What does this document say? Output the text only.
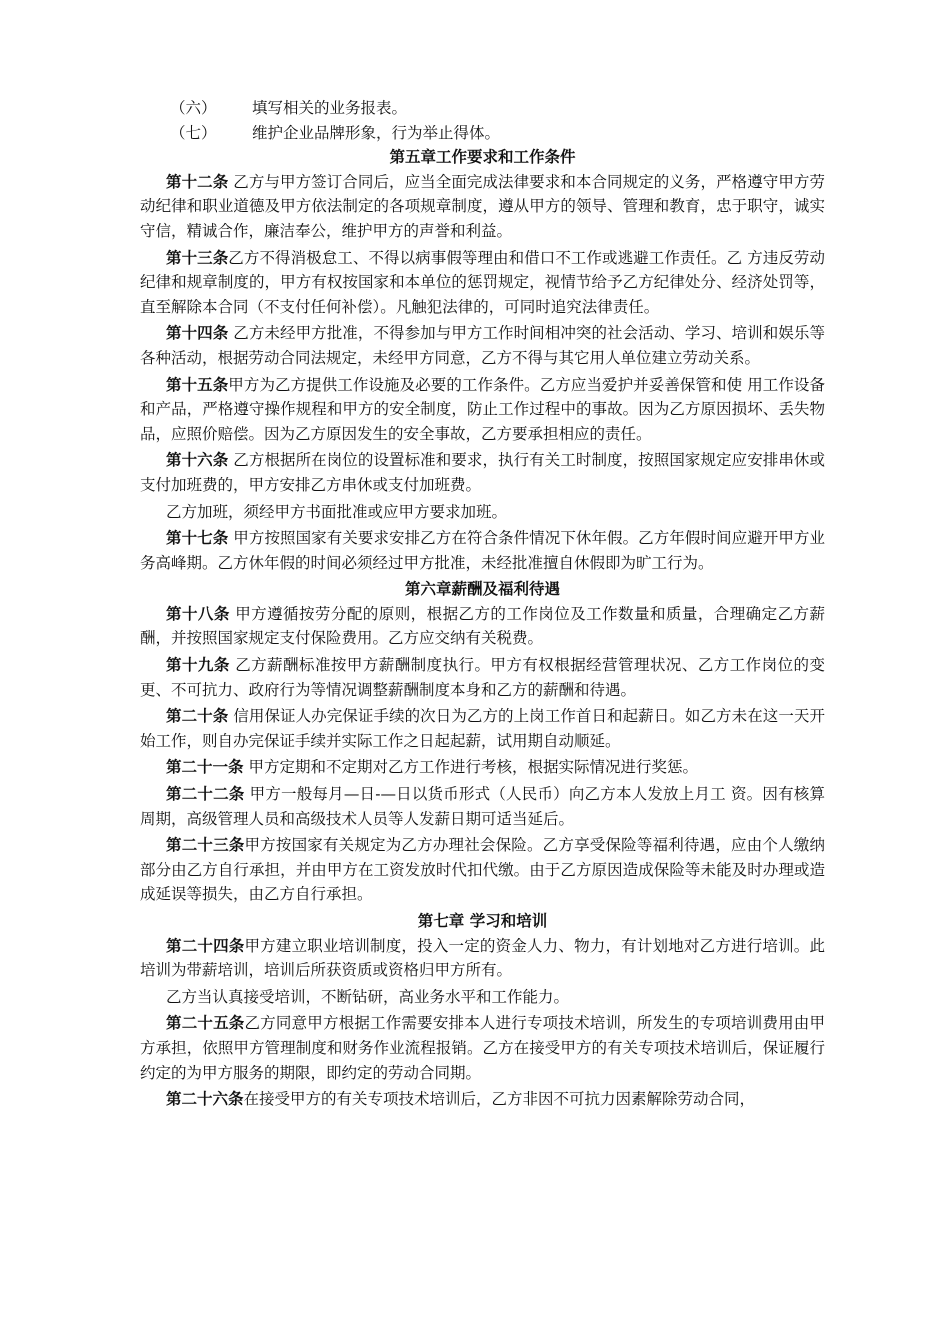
（六）	填写相关的业务报表。
（七）	维护企业品牌形象，行为举止得体。
第五章工作要求和工作条件

第十二条 乙方与甲方签订合同后，应当全面完成法律要求和本合同规定的义务，严格遵守甲方劳动纪律和职业道德及甲方依法制定的各项规章制度，遵从甲方的领导、管理和教育，忠于职守，诚实守信，精诚合作，廉洁奉公，维护甲方的声誉和利益。

第十三条乙方不得消极怠工、不得以病事假等理由和借口不工作或逃避工作责任。乙 方违反劳动纪律和规章制度的，甲方有权按国家和本单位的惩罚规定，视情节给予乙方纪律处分、经济处罚等，直至解除本合同（不支付任何补偿）。凡触犯法律的，可同时追究法律责任。

第十四条 乙方未经甲方批准，不得参加与甲方工作时间相冲突的社会活动、学习、培训和娱乐等各种活动，根据劳动合同法规定，未经甲方同意，乙方不得与其它用人单位建立劳动关系。

第十五条甲方为乙方提供工作设施及必要的工作条件。乙方应当爱护并妥善保管和使 用工作设备和产品，严格遵守操作规程和甲方的安全制度，防止工作过程中的事故。因为乙方原因损坏、丢失物品，应照价赔偿。因为乙方原因发生的安全事故，乙方要承担相应的责任。

第十六条 乙方根据所在岗位的设置标准和要求，执行有关工时制度，按照国家规定应安排串休或支付加班费的，甲方安排乙方串休或支付加班费。

乙方加班，须经甲方书面批准或应甲方要求加班。

第十七条 甲方按照国家有关要求安排乙方在符合条件情况下休年假。乙方年假时间应避开甲方业务高峰期。乙方休年假的时间必须经过甲方批准，未经批准擅自休假即为旷工行为。

第六章薪酬及福利待遇

第十八条 甲方遵循按劳分配的原则，根据乙方的工作岗位及工作数量和质量，合理确定乙方薪酬，并按照国家规定支付保险费用。乙方应交纳有关税费。

第十九条 乙方薪酬标准按甲方薪酬制度执行。甲方有权根据经营管理状况、乙方工作岗位的变更、不可抗力、政府行为等情况调整薪酬制度本身和乙方的薪酬和待遇。

第二十条 信用保证人办完保证手续的次日为乙方的上岗工作首日和起薪日。如乙方未在这一天开始工作，则自办完保证手续并实际工作之日起起薪，试用期自动顺延。

第二十一条 甲方定期和不定期对乙方工作进行考核，根据实际情况进行奖惩。

第二十二条 甲方一般每月—日-—日以货币形式（人民币）向乙方本人发放上月工 资。因有核算周期，高级管理人员和高级技术人员等人发薪日期可适当延后。

第二十三条甲方按国家有关规定为乙方办理社会保险。乙方享受保险等福利待遇，应由个人缴纳部分由乙方自行承担，并由甲方在工资发放时代扣代缴。由于乙方原因造成保险等未能及时办理或造成延误等损失，由乙方自行承担。

第七章 学习和培训

第二十四条甲方建立职业培训制度，投入一定的资金人力、物力，有计划地对乙方进行培训。此培训为带薪培训，培训后所获资质或资格归甲方所有。

乙方当认真接受培训，不断钻研，高业务水平和工作能力。

第二十五条乙方同意甲方根据工作需要安排本人进行专项技术培训，所发生的专项培训费用由甲方承担，依照甲方管理制度和财务作业流程报销。乙方在接受甲方的有关专项技术培训后，保证履行约定的为甲方服务的期限，即约定的劳动合同期。

第二十六条在接受甲方的有关专项技术培训后，乙方非因不可抗力因素解除劳动合同，
